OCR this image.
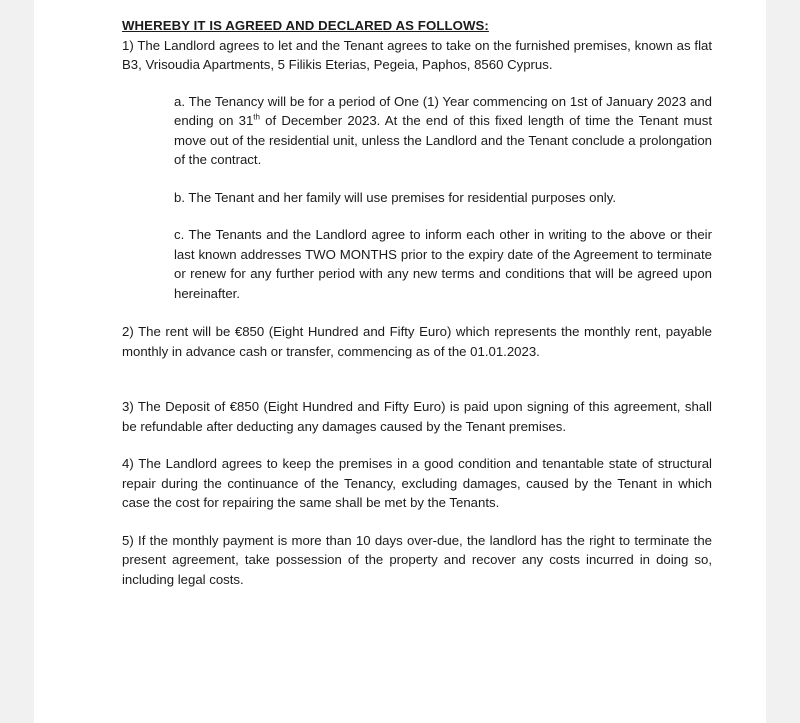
WHEREBY IT IS AGREED AND DECLARED AS FOLLOWS:

1) The Landlord agrees to let and the Tenant agrees to take on the furnished premises, known as flat B3, Vrisoudia Apartments, 5 Filikis Eterias, Pegeia, Paphos, 8560 Cyprus.

a. The Tenancy will be for a period of One (1) Year commencing on 1st of January 2023 and ending on 31th of December 2023. At the end of this fixed length of time the Tenant must move out of the residential unit, unless the Landlord and the Tenant conclude a prolongation of the contract.

b. The Tenant and her family will use premises for residential purposes only.

c. The Tenants and the Landlord agree to inform each other in writing to the above or their last known addresses TWO MONTHS prior to the expiry date of the Agreement to terminate or renew for any further period with any new terms and conditions that will be agreed upon hereinafter.

2) The rent will be €850 (Eight Hundred and Fifty Euro) which represents the monthly rent, payable monthly in advance cash or transfer, commencing as of the 01.01.2023.

3) The Deposit of €850 (Eight Hundred and Fifty Euro) is paid upon signing of this agreement, shall be refundable after deducting any damages caused by the Tenant premises.

4) The Landlord agrees to keep the premises in a good condition and tenantable state of structural repair during the continuance of the Tenancy, excluding damages, caused by the Tenant in which case the cost for repairing the same shall be met by the Tenants.

5) If the monthly payment is more than 10 days over-due, the landlord has the right to terminate the present agreement, take possession of the property and recover any costs incurred in doing so, including legal costs.
